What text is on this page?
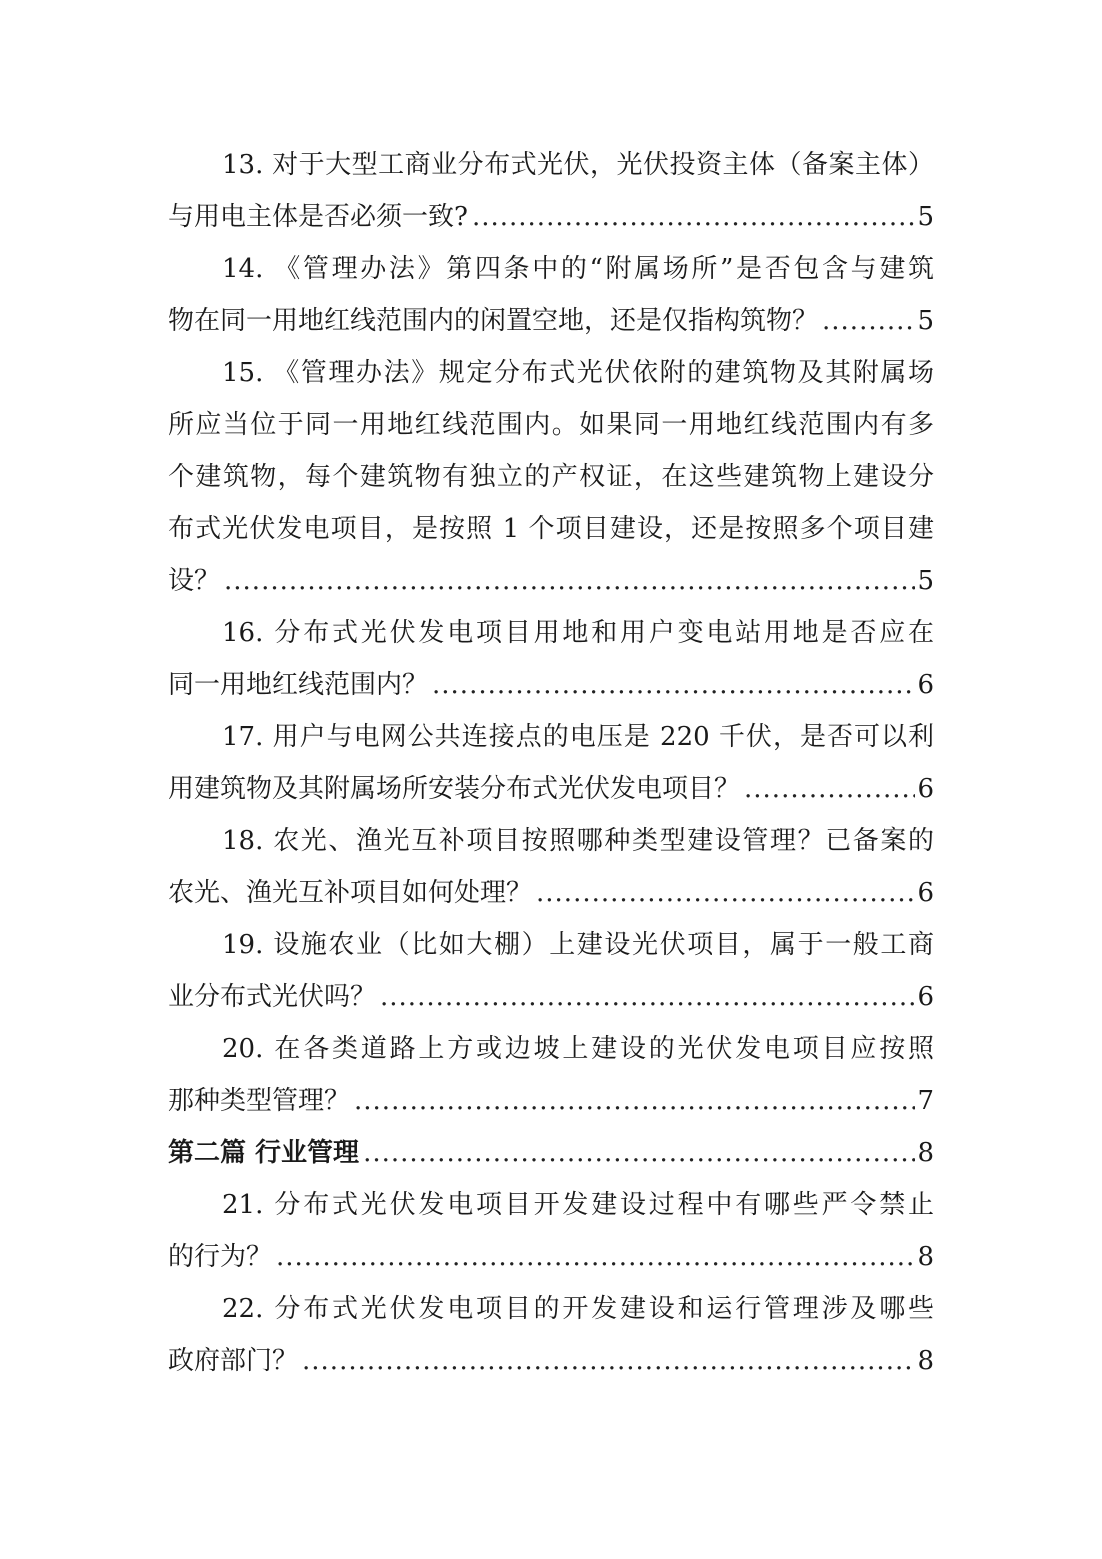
13. 对于大型工商业分布式光伏，光伏投资主体（备案主体）
与用电主体是否必须一致? .....	5
14. 《管理办法》第四条中的“附属场所”是否包含与建筑
物在同一用地红线范围内的闲置空地，还是仅指构筑物？ .....	5
15. 《管理办法》规定分布式光伏依附的建筑物及其附属场
所应当位于同一用地红线范围内。如果同一用地红线范围内有多
个建筑物，每个建筑物有独立的产权证，在这些建筑物上建设分
布式光伏发电项目，是按照 1 个项目建设，还是按照多个项目建
设？ .....	5
16. 分布式光伏发电项目用地和用户变电站用地是否应在
同一用地红线范围内？ .....	6
17. 用户与电网公共连接点的电压是 220 千伏，是否可以利
用建筑物及其附属场所安装分布式光伏发电项目？ .....	6
18. 农光、渔光互补项目按照哪种类型建设管理？已备案的
农光、渔光互补项目如何处理？ .....	6
19. 设施农业（比如大棚）上建设光伏项目，属于一般工商
业分布式光伏吗？ .....	6
20. 在各类道路上方或边坡上建设的光伏发电项目应按照
那种类型管理？ .....	7
第二篇 行业管理 .....	8
21. 分布式光伏发电项目开发建设过程中有哪些严令禁止
的行为？ .....	8
22. 分布式光伏发电项目的开发建设和运行管理涉及哪些
政府部门？ .....	8
